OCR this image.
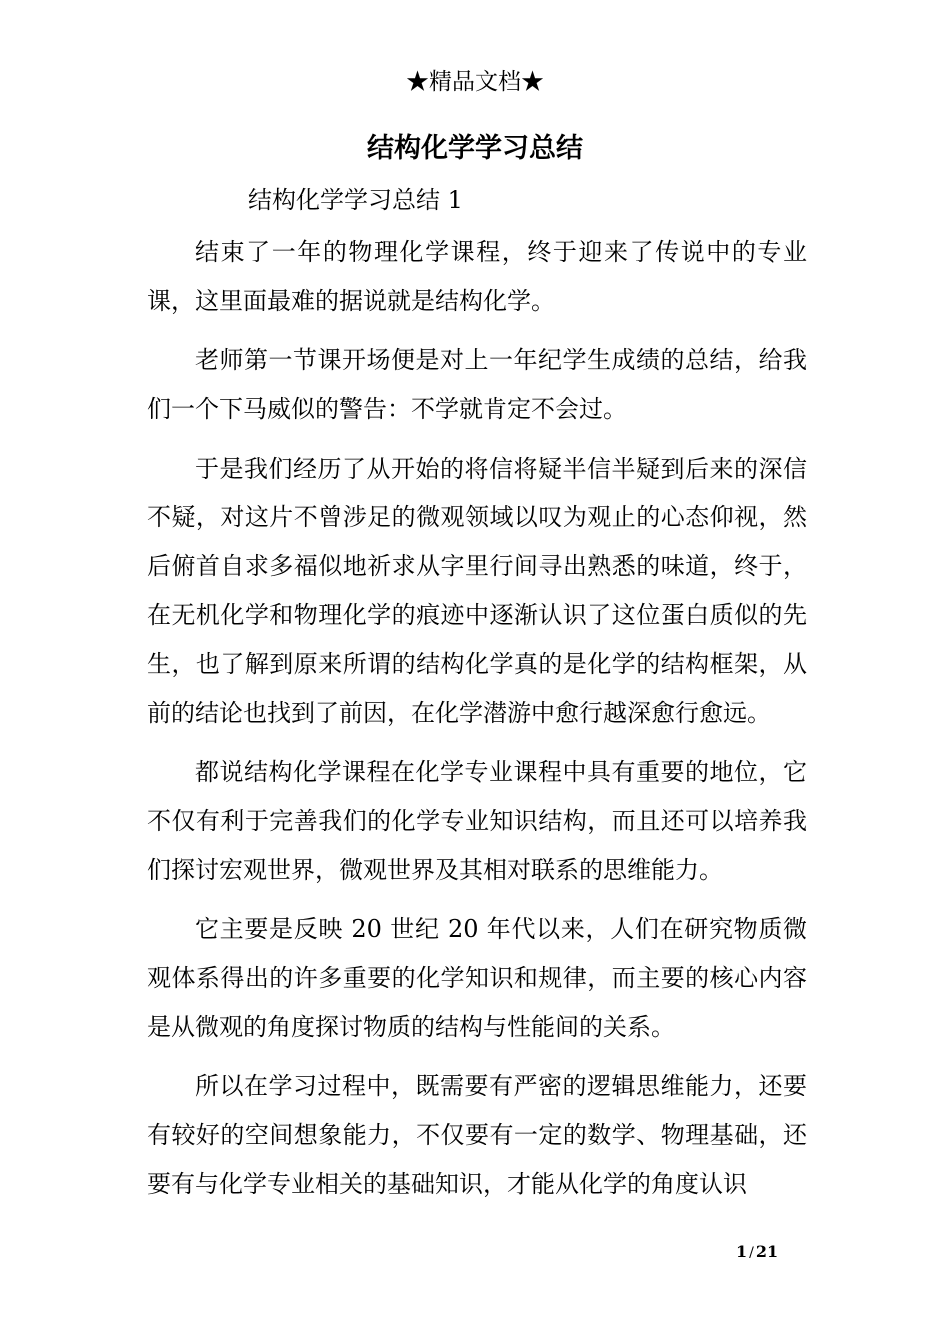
★精品文档★
结构化学学习总结
结构化学学习总结 1

结束了一年的物理化学课程，终于迎来了传说中的专业课，这里面最难的据说就是结构化学。

老师第一节课开场便是对上一年纪学生成绩的总结，给我们一个下马威似的警告：不学就肯定不会过。

于是我们经历了从开始的将信将疑半信半疑到后来的深信不疑，对这片不曾涉足的微观领域以叹为观止的心态仰视，然后俯首自求多福似地祈求从字里行间寻出熟悉的味道，终于，在无机化学和物理化学的痕迹中逐渐认识了这位蛋白质似的先生，也了解到原来所谓的结构化学真的是化学的结构框架，从前的结论也找到了前因，在化学潜游中愈行越深愈行愈远。

都说结构化学课程在化学专业课程中具有重要的地位，它不仅有利于完善我们的化学专业知识结构，而且还可以培养我们探讨宏观世界，微观世界及其相对联系的思维能力。

它主要是反映 20 世纪 20 年代以来，人们在研究物质微观体系得出的许多重要的化学知识和规律，而主要的核心内容是从微观的角度探讨物质的结构与性能间的关系。

所以在学习过程中，既需要有严密的逻辑思维能力，还要有较好的空间想象能力，不仅要有一定的数学、物理基础，还要有与化学专业相关的基础知识，才能从化学的角度认识

1 / 21
